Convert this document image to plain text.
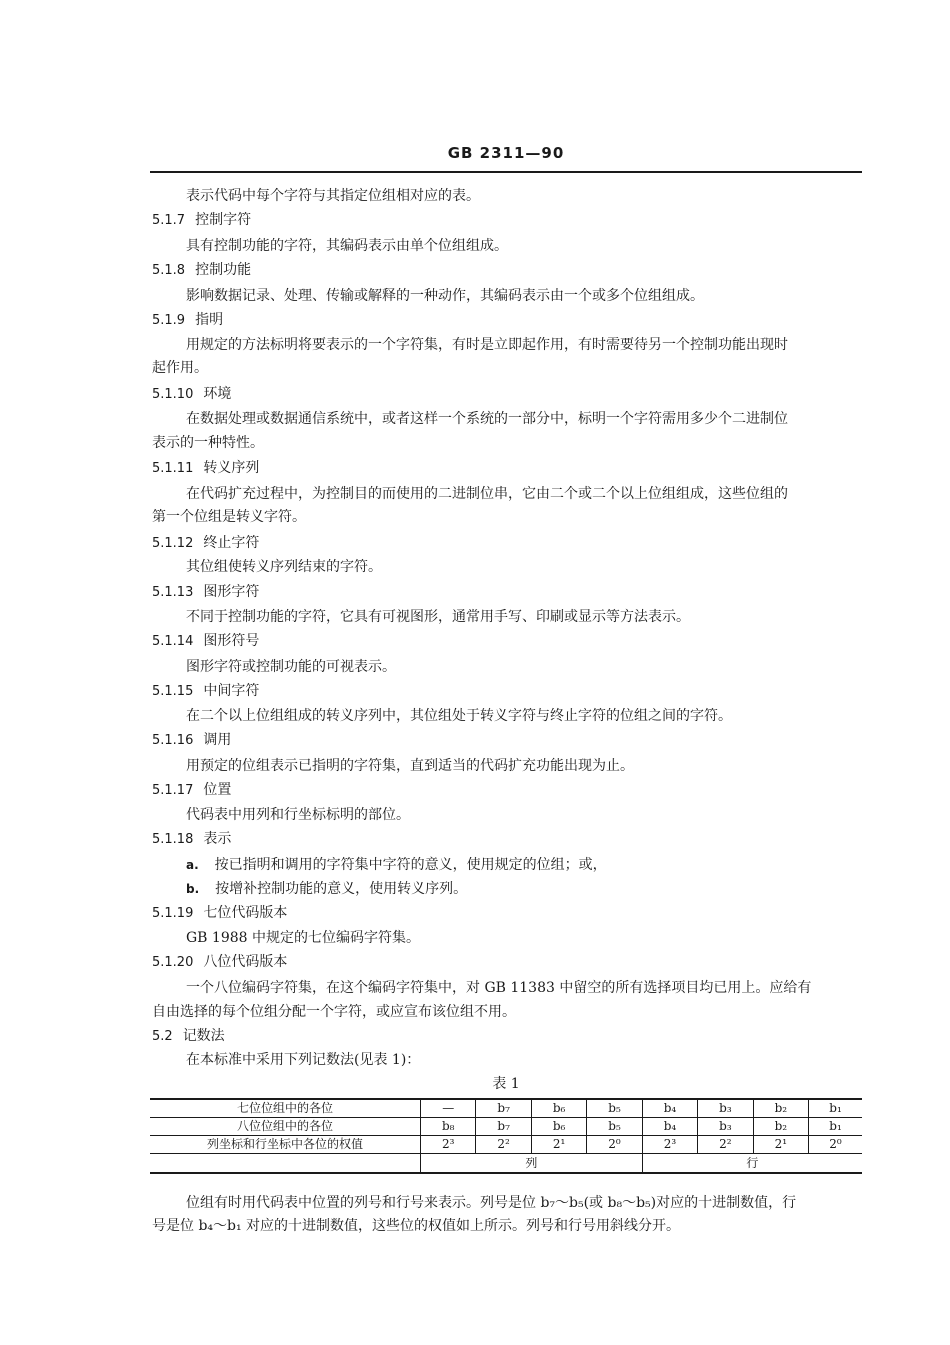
GB 2311—90
表示代码中每个字符与其指定位组相对应的表。
5.1.7 控制字符
具有控制功能的字符，其编码表示由单个位组组成。
5.1.8 控制功能
影响数据记录、处理、传输或解释的一种动作，其编码表示由一个或多个位组组成。
5.1.9 指明
用规定的方法标明将要表示的一个字符集，有时是立即起作用，有时需要待另一个控制功能出现时
起作用。
5.1.10 环境
在数据处理或数据通信系统中，或者这样一个系统的一部分中，标明一个字符需用多少个二进制位
表示的一种特性。
5.1.11 转义序列
在代码扩充过程中，为控制目的而使用的二进制位串，它由二个或二个以上位组组成，这些位组的
第一个位组是转义字符。
5.1.12 终止字符
其位组使转义序列结束的字符。
5.1.13 图形字符
不同于控制功能的字符，它具有可视图形，通常用手写、印刷或显示等方法表示。
5.1.14 图形符号
图形字符或控制功能的可视表示。
5.1.15 中间字符
在二个以上位组组成的转义序列中，其位组处于转义字符与终止字符的位组之间的字符。
5.1.16 调用
用预定的位组表示已指明的字符集，直到适当的代码扩充功能出现为止。
5.1.17 位置
代码表中用列和行坐标标明的部位。
5.1.18 表示
a. 按已指明和调用的字符集中字符的意义，使用规定的位组；或，
b. 按增补控制功能的意义，使用转义序列。
5.1.19 七位代码版本
GB 1988 中规定的七位编码字符集。
5.1.20 八位代码版本
一个八位编码字符集，在这个编码字符集中，对 GB 11383 中留空的所有选择项目均已用上。应给有
自由选择的每个位组分配一个字符，或应宣布该位组不用。
5.2 记数法
在本标准中采用下列记数法(见表 1)：
表 1
七位位组中的各位	—	b₇	b₆	b₅	b₄	b₃	b₂	b₁
八位位组中的各位	b₈	b₇	b₆	b₅	b₄	b₃	b₂	b₁
列坐标和行坐标中各位的权值	2³	2²	2¹	2⁰	2³	2²	2¹	2⁰
	列				行			
位组有时用代码表中位置的列号和行号来表示。列号是位 b₇～b₅(或 b₈～b₅)对应的十进制数值，行
号是位 b₄～b₁ 对应的十进制数值，这些位的权值如上所示。列号和行号用斜线分开。
